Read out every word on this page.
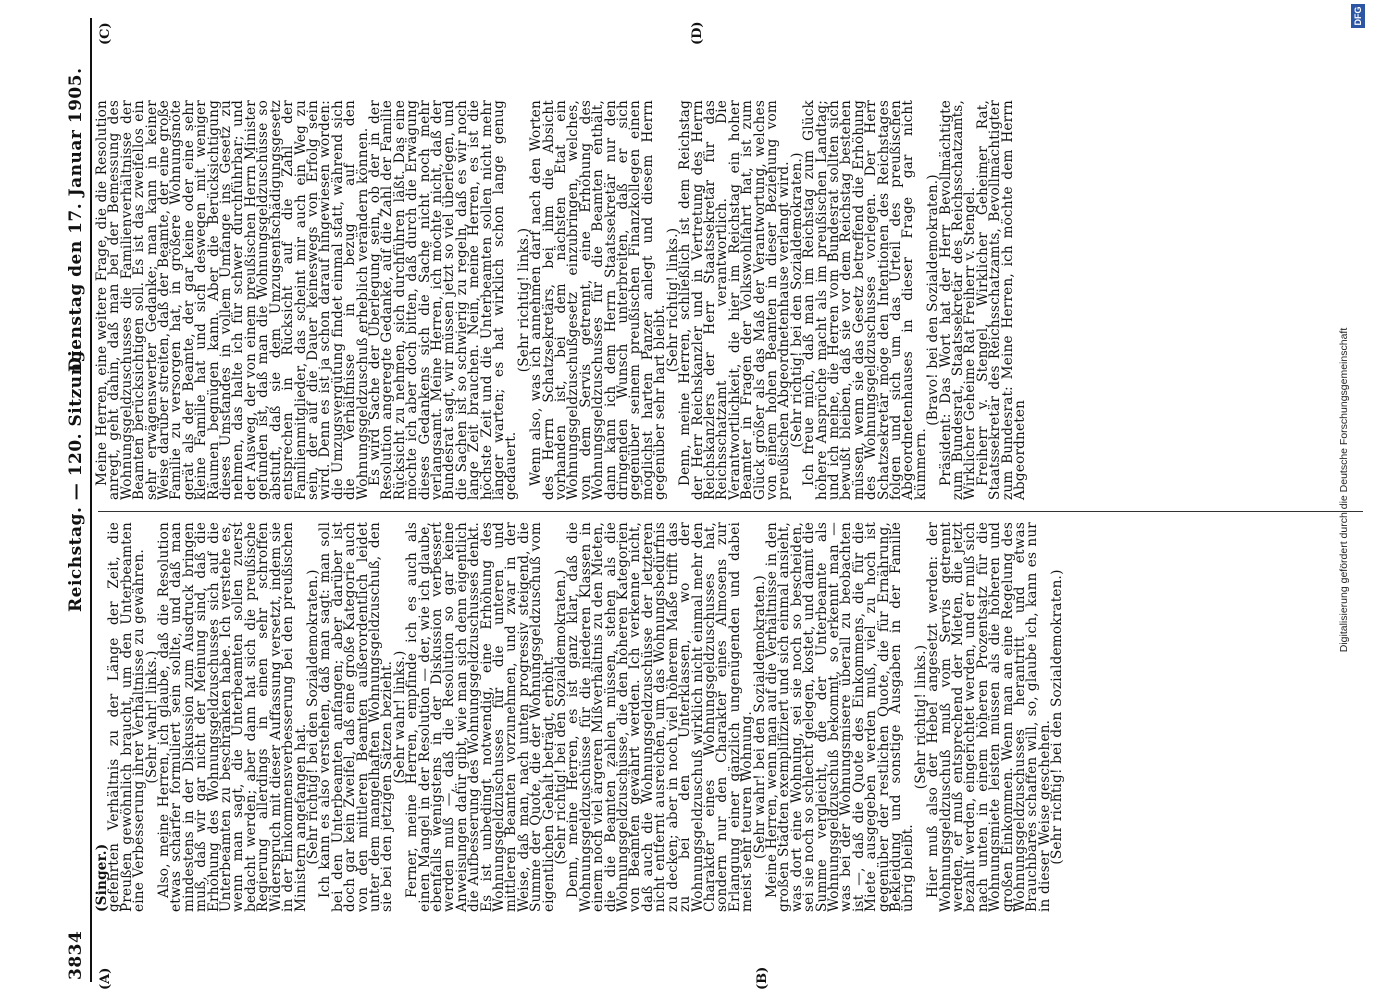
3834
Reichstag. — 120. Sitzung.
Dienstag den 17. Januar 1905.
(A)	(B)
(C)	(D)

(Singer.)

gefehrten Verhältnis zu der Länge der Zeit, die Preußen gewöhnlich braucht, um den Unterbeamten eine Verbesserung ihrer Verhältnisse zu gewähren.

(Sehr wahr! links.)

Also, meine Herren, ich glaube, daß die Resolution etwas schärfer formuliert sein sollte, und daß man mindestens in der Diskussion zum Ausdruck bringen muß, daß wir gar nicht der Meinung sind, daß die Erhöhung des Wohnungsgeldzuschusses sich auf die Unterbeamten zu beschränken habe. Ich verstehe es, wenn man sagt, die Unterbeamten sollen zuerst bedacht werden; aber dann hat sich die preußische Regierung allerdings in einen sehr schroffen Widerspruch mit dieser Auffassung versetzt, indem sie in der Einkommensverbesserung bei den preußischen Ministern angefangen hat.

(Sehr richtig! bei den Sozialdemokraten.)

Ich kann es also verstehen, daß man sagt: man soll bei den Unterbeamten anfangen; aber darüber ist doch gar kein Zweifel, daß eine große Kategorie auch von den mittleren Beamten außerordentlich leidet unter dem mangelhaften Wohnungsgeldzuschuß, den sie bei den jetzigen Sätzen bezieht.

(Sehr wahr! links.)

Ferner, meine Herren, empfinde ich es auch als einen Mangel in der Resolution — der, wie ich glaube, ebenfalls wenigstens in der Diskussion verbessert werden muß —, daß die Resolution so gar keine Anweisungen dafür gibt, wie man sich denn eigentlich die Aufbesserung des Wohnungsgeldzuschusses denkt. Es ist unbedingt notwendig, eine Erhöhung des Wohnungsgeldzuschusses für die unteren und mittleren Beamten vorzunehmen, und zwar in der Weise, daß man, nach unten progressiv steigend, die Summe der Quote, die der Wohnungsgeldzuschuß vom eigentlichen Gehalt beträgt, erhöht.

(Sehr richtig! bei den Sozialdemokraten.)

Denn, meine Herren, es ist ganz klar, daß die Wohnungsgeldzuschüsse für die niederen Klassen in einem noch viel ärgeren Mißverhältnis zu den Mieten, die die Beamten zahlen müssen, stehen als die Wohnungsgeldzuschüsse, die den höheren Kategorien von Beamten gewährt werden. Ich verkenne nicht, daß auch die Wohnungsgeldzuschüsse der letzteren nicht entfernt ausreichen, um das Wohnungsbedürfnis zu decken; aber in noch viel höherem Maße trifft das zu bei den Unterklassen, wo der Wohnungsgeldzuschuß wirklich nicht einmal mehr den Charakter eines Wohnungsgeldzuschusses hat, sondern nur den Charakter eines Almosens zur Erlangung einer gänzlich ungenügenden und dabei meist sehr teuren Wohnung.

(Sehr wahr! bei den Sozialdemokraten.)

Meine Herren, wenn man auf die Verhältnisse in den großen Städten exemplifiziert und sich einmal ansieht, was dort eine Wohnung, sei sie noch so bescheiden, sei sie noch so schlecht gelegen, kostet, und damit die Summe vergleicht, die der Unterbeamte als Wohnungsgeldzuschuß bekommt, so erkennt man — was bei der Wohnungsmisere überall zu beobachten ist —, daß die Quote des Einkommens, die für die Miete ausgegeben werden muß, viel zu hoch ist gegenüber der restlichen Quote, die für Ernährung, Bekleidung und sonstige Ausgaben in der Familie übrig bleibt.

(Sehr richtig! links.)

Hier muß also der Hebel angesetzt werden: der Wohnungsgeldzuschuß muß vom Servis getrennt werden, er muß entsprechend der Mieten, die jetzt bezahlt werden, eingerichtet werden, und er muß sich nach unten in einem höheren Prozentsatz für die Wohnungsmiete leisten müssen als die höheren und großen Einkommen. Wenn man an eine Regelung des Wohnungsgeldzuschusses herantritt und etwas Brauchbares schaffen will, so, glaube ich, kann es nur in dieser Weise geschehen.

(Sehr richtig! bei den Sozialdemokraten.)

Meine Herren, eine weitere Frage, die die Resolution anregt, geht dahin, daß man bei der Bemessung des Wohnungsgeldzuschusses die Familienverhältnisse der Beamten berücksichtigen soll. Es ist das zweifellos ein sehr erwägenswerter Gedanke; man kann in keiner Weise darüber streiten, daß der Beamte, der eine große Familie zu versorgen hat, in größere Wohnungsnöte gerät als der Beamte, der gar keine oder eine sehr kleine Familie hat und sich deswegen mit weniger Räumen begnügen kann. Aber die Berücksichtigung dieses Umstandes in vollem Umfange ins Gesetz zu nehmen, das halte ich für schwer durchführbar; und der Ausweg, der von einem preußischen Herrn Minister gefunden ist, daß man die Wohnungsgeldzuschüsse so abstuft, daß sie dem Umzugsentschädigungsgesetz entsprechen in Rücksicht auf die Zahl der Familienmitglieder, das scheint mir auch ein Weg zu sein, der auf die Dauer keineswegs von Erfolg sein wird. Denn es ist ja schon darauf hingewiesen worden: die Umzugsvergütung findet einmal statt, während sich die Verhältnisse in bezug auf den Wohnungsgeldzuschuß erheblich verändern können.

Es wird Sache der Überlegung sein, ob der in der Resolution angeregte Gedanke, auf die Zahl der Familie Rücksicht zu nehmen, sich durchführen läßt. Das eine möchte ich aber doch bitten, daß durch die Erwägung dieses Gedankens sich die Sache nicht noch mehr verlangsamt. Meine Herren, ich möchte nicht, daß der Bundesrat sagt, wir müssen jetzt so viel überlegen, und die Sachen ist so schwierig zu regeln, daß es wir noch lange Zeit brauchen. Nein, meine Herren, es ist die höchste Zeit und die Unterbeamten sollen nicht mehr länger warten; es hat wirklich schon lange genug gedauert.

(Sehr richtig! links.)

Wenn also, was ich annehmen darf nach den Worten des Herrn Schatzsekretärs, bei ihm die Absicht vorhanden ist, bei dem nächsten Etat ein Wohnungsgeldzuschußgesetz einzubringen, welches, von dem Servis getrennt, eine Erhöhung des Wohnungsgeldzuschusses für die Beamten enthält, dann kann ich dem Herrn Staatssekretär nur den dringenden Wunsch unterbreiten, daß er sich gegenüber seinem preußischen Finanzkollegen einen möglichst harten Panzer anlegt und diesem Herrn gegenüber sehr hart bleibt.

(Sehr richtig! links.)

Denn, meine Herren, schließlich ist dem Reichstag der Herr Reichskanzler und in Vertretung des Herrn Reichskanzlers der Herr Staatssekretär für das Reichsschatzamt verantwortlich. Die Verantwortlichkeit, die hier im Reichstag ein hoher Beamter in Fragen der Volkswohlfahrt hat, ist zum Glück größer als das Maß der Verantwortung, welches von einem hohen Beamten in dieser Beziehung vom preußischen Abgeordnetenhause verlangt wird.

(Sehr richtig! bei den Sozialdemokraten.)

Ich freue mich, daß man im Reichstag zum Glück höhere Ansprüche macht als im preußischen Landtag; und ich meine, die Herren vom Bundesrat sollten sich bewußt bleiben, daß sie vor dem Reichstag bestehen müssen, wenn sie das Gesetz betreffend die Erhöhung des Wohnungsgeldzuschusses vorlegen. Der Herr Schatzsekretär möge den Intentionen des Reichstages folgen und sich um das Urteil des preußischen Abgeordnetenhauses in dieser Frage gar nicht kümmern.

(Bravo! bei den Sozialdemokraten.)

Präsident: Das Wort hat der Herr Bevollmächtigte zum Bundesrat, Staatssekretär des Reichsschatzamts, Wirklicher Geheime Rat Freiherr v. Stengel.

Freiherr v. Stengel, Wirklicher Geheimer Rat, Staatssekretär des Reichsschatzamts, Bevollmächtigter zum Bundesrat: Meine Herren, ich möchte dem Herrn Abgeordneten	Digitalisierung gefördert durch die Deutsche Forschungsgemeinschaft
DFG
